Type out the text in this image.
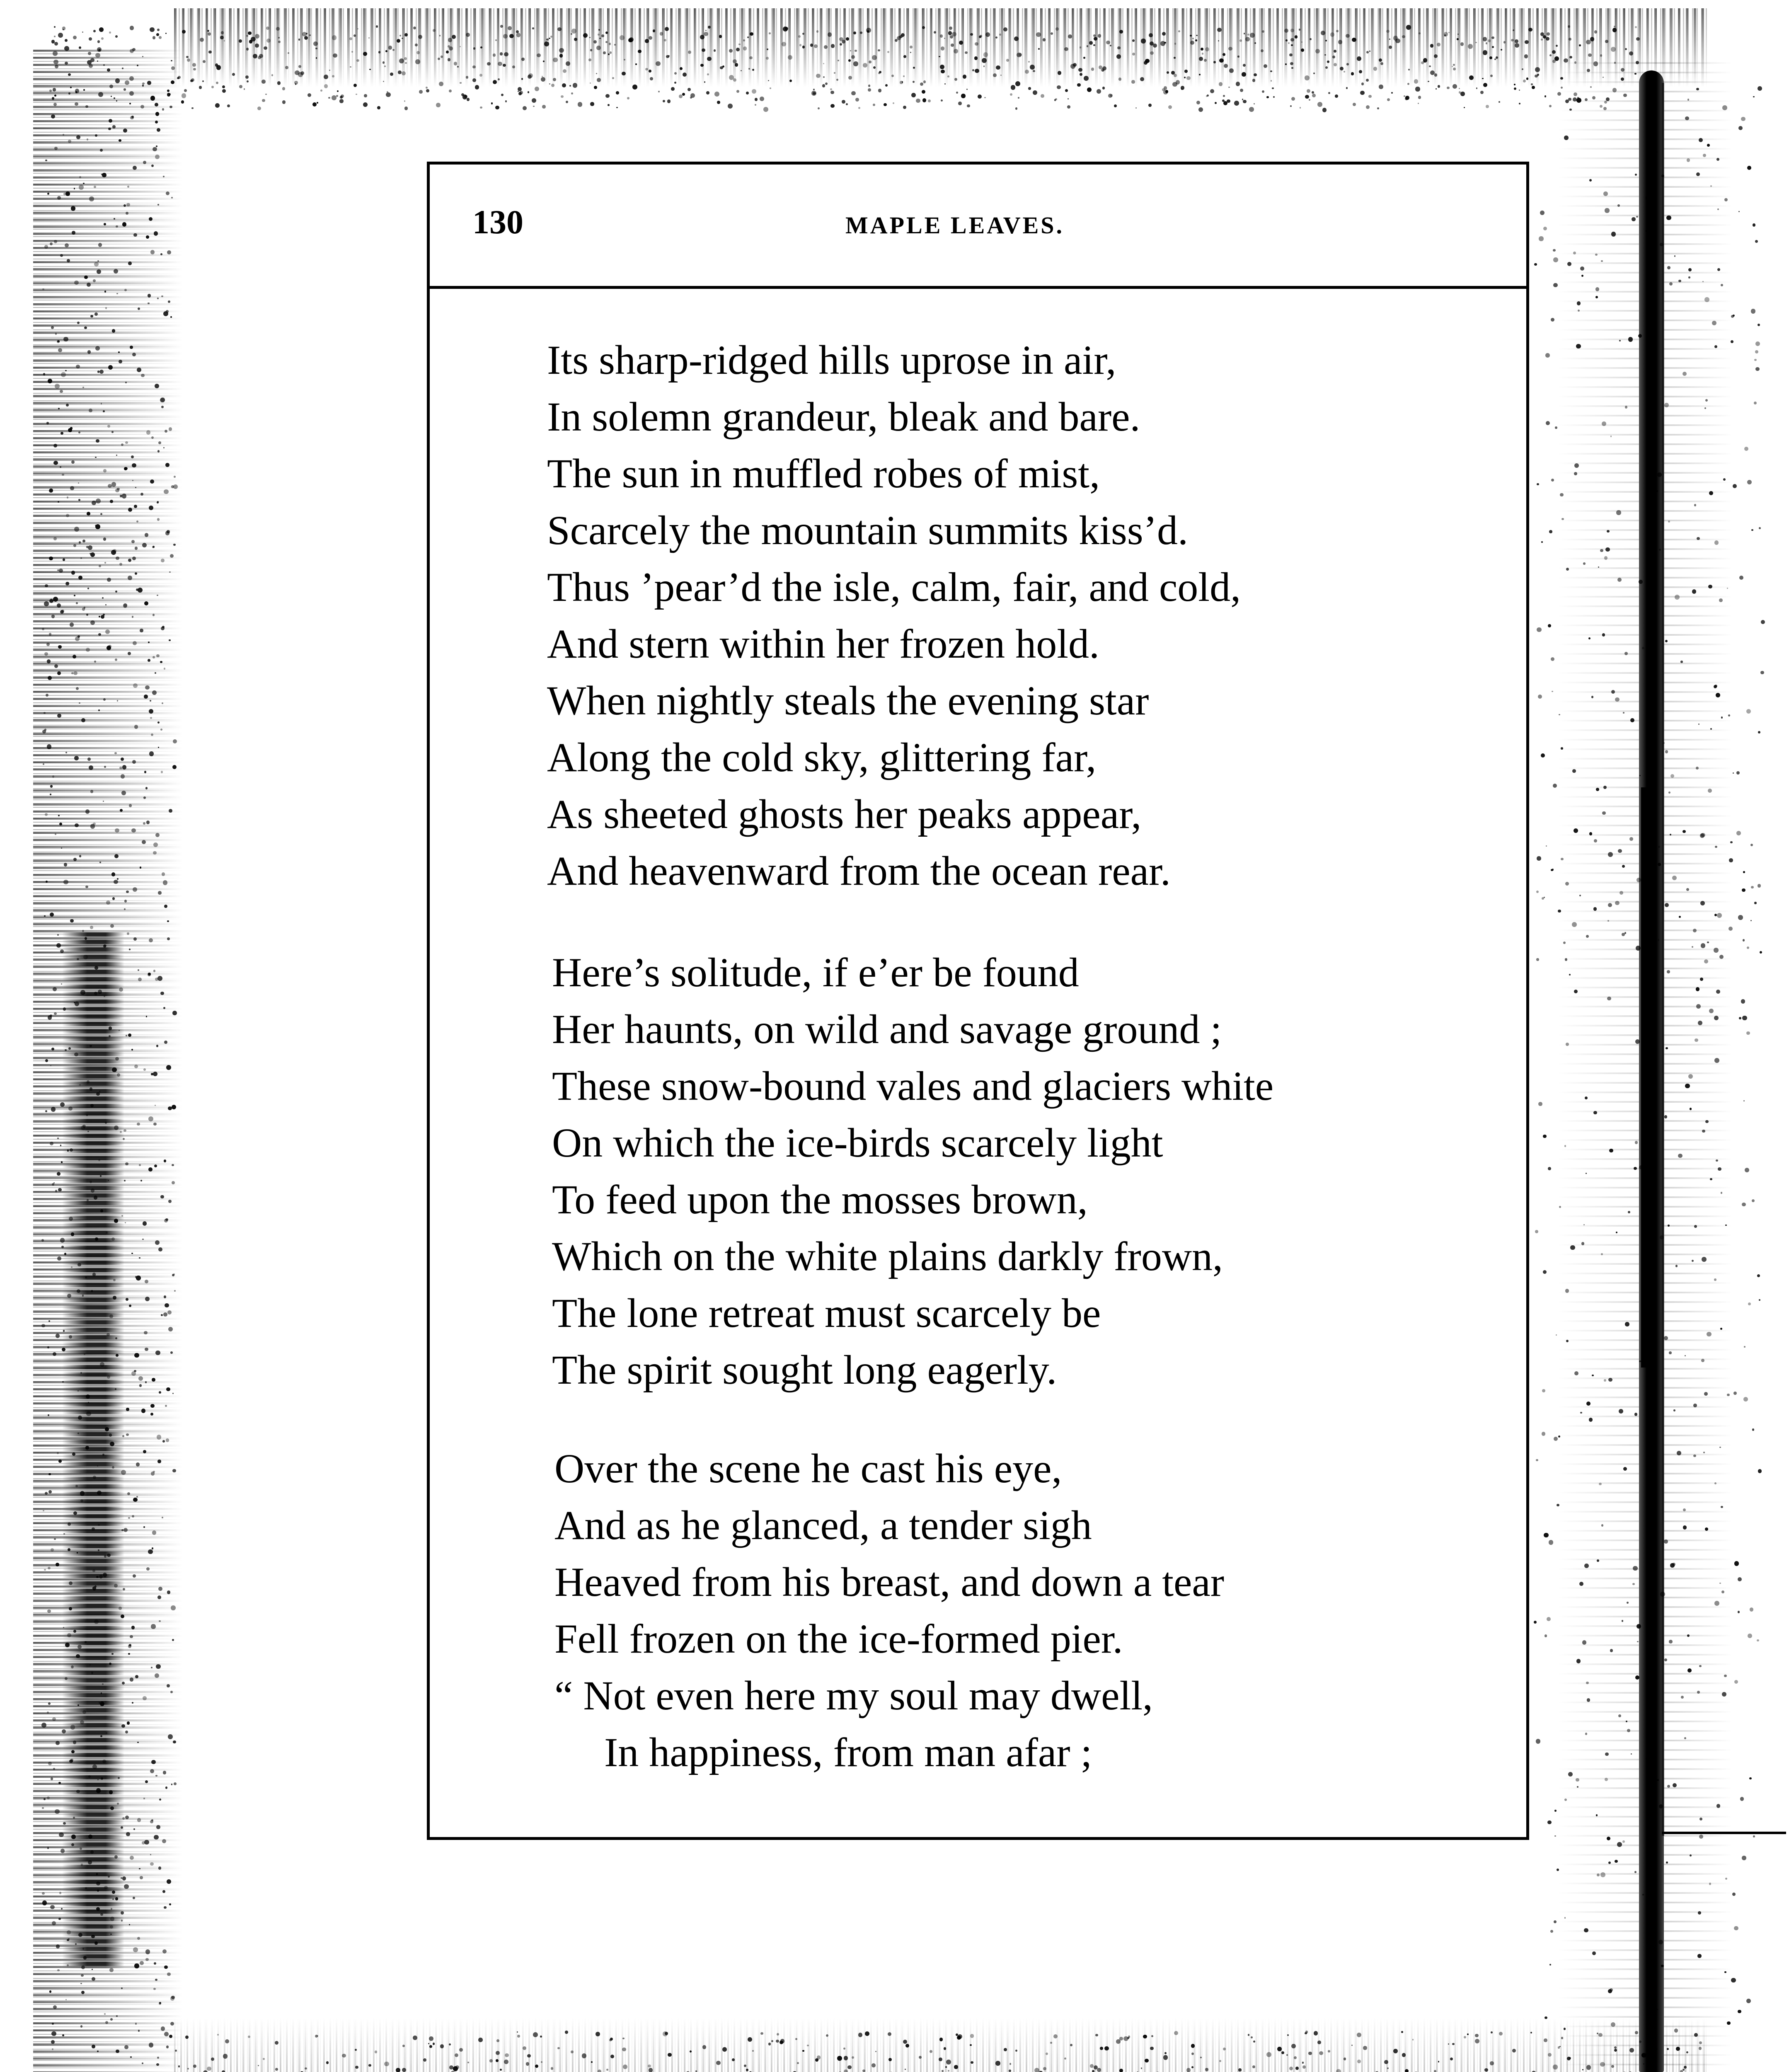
130	MAPLE LEAVES.
Its sharp-ridged hills uprose in air,
In solemn grandeur, bleak and bare.
The sun in muffled robes of mist,
Scarcely the mountain summits kiss’d.
Thus ’pear’d the isle, calm, fair, and cold,
And stern within her frozen hold.
When nightly steals the evening star
Along the cold sky, glittering far,
As sheeted ghosts her peaks appear,
And heavenward from the ocean rear.
Here’s solitude, if e’er be found
Her haunts, on wild and savage ground ;
These snow-bound vales and glaciers white
On which the ice-birds scarcely light
To feed upon the mosses brown,
Which on the white plains darkly frown,
The lone retreat must scarcely be
The spirit sought long eagerly.
Over the scene he cast his eye,
And as he glanced, a tender sigh
Heaved from his breast, and down a tear
Fell frozen on the ice-formed pier.
“ Not even here my soul may dwell,
In happiness, from man afar ;
